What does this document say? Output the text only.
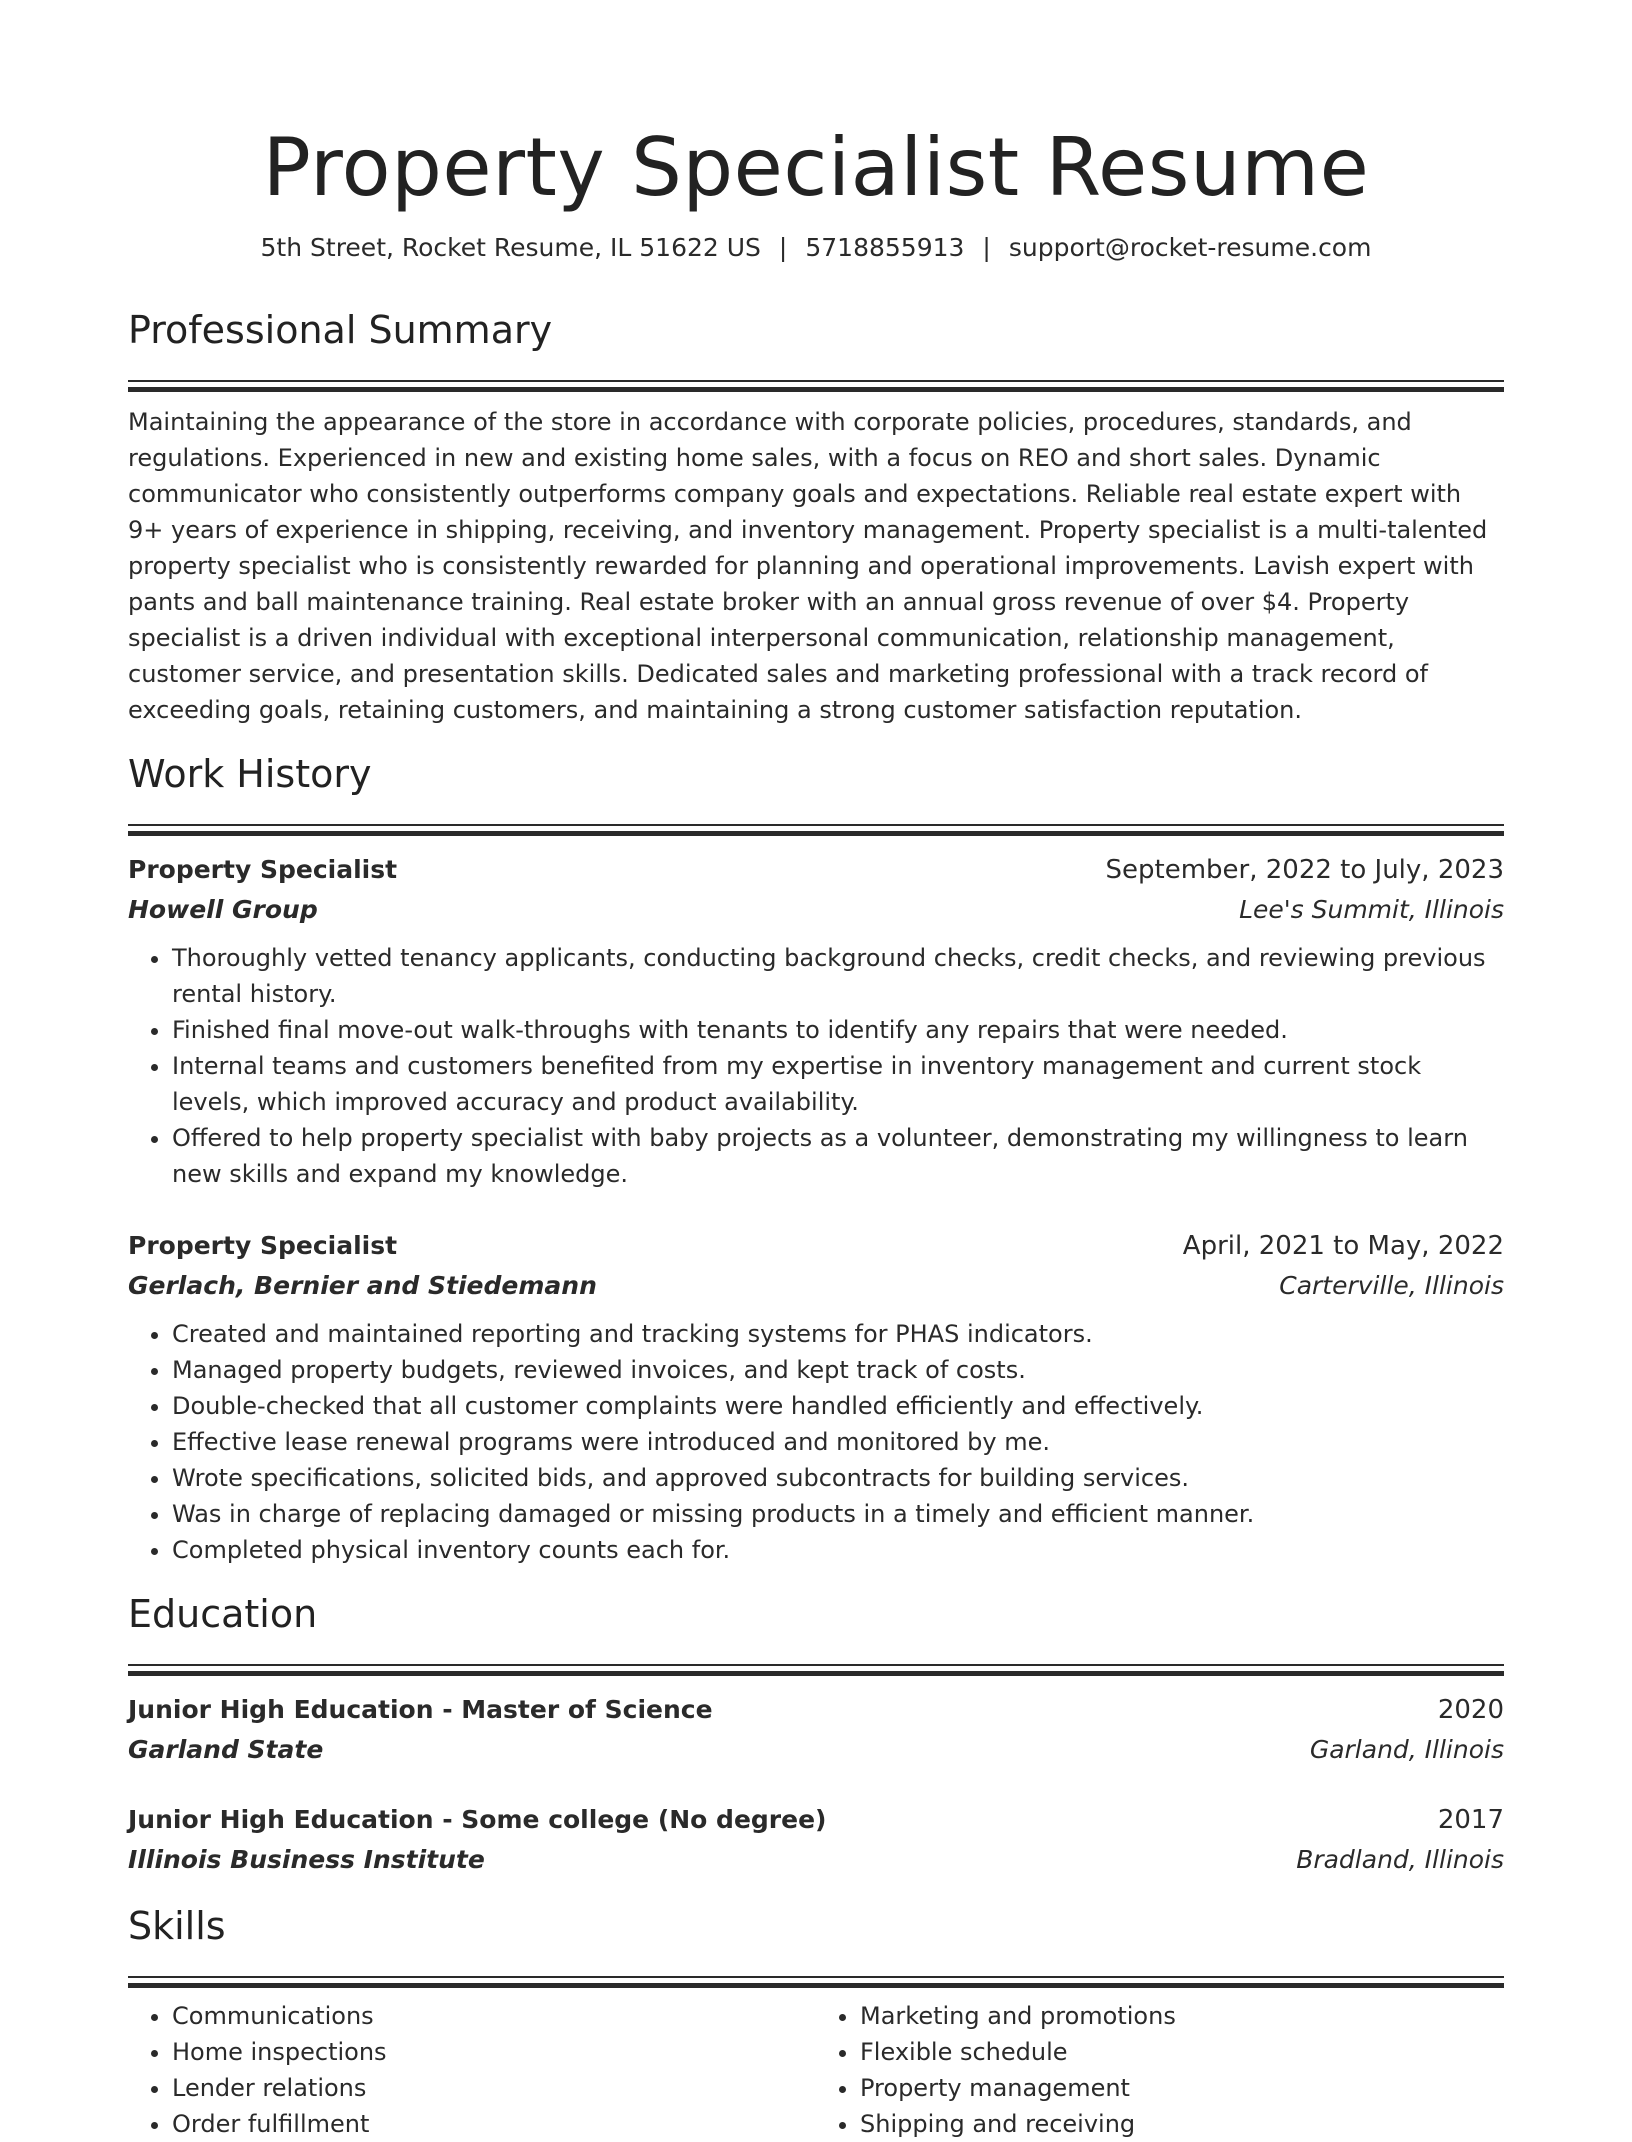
Property Specialist Resume
5th Street, Rocket Resume, IL 51622 US | 5718855913 | support@rocket-resume.com
Professional Summary

Maintaining the appearance of the store in accordance with corporate policies, procedures, standards, and regulations. Experienced in new and existing home sales, with a focus on REO and short sales. Dynamic communicator who consistently outperforms company goals and expectations. Reliable real estate expert with 9+ years of experience in shipping, receiving, and inventory management. Property specialist is a multi-talented property specialist who is consistently rewarded for planning and operational improvements. Lavish expert with pants and ball maintenance training. Real estate broker with an annual gross revenue of over $4. Property specialist is a driven individual with exceptional interpersonal communication, relationship management, customer service, and presentation skills. Dedicated sales and marketing professional with a track record of exceeding goals, retaining customers, and maintaining a strong customer satisfaction reputation.

Work History
Property Specialist	September, 2022 to July, 2023
Howell Group	Lee's Summit, Illinois
• Thoroughly vetted tenancy applicants, conducting background checks, credit checks, and reviewing previous rental history.
• Finished final move-out walk-throughs with tenants to identify any repairs that were needed.
• Internal teams and customers benefited from my expertise in inventory management and current stock levels, which improved accuracy and product availability.
• Offered to help property specialist with baby projects as a volunteer, demonstrating my willingness to learn new skills and expand my knowledge.
Property Specialist	April, 2021 to May, 2022
Gerlach, Bernier and Stiedemann	Carterville, Illinois
• Created and maintained reporting and tracking systems for PHAS indicators.
• Managed property budgets, reviewed invoices, and kept track of costs.
• Double-checked that all customer complaints were handled efficiently and effectively.
• Effective lease renewal programs were introduced and monitored by me.
• Wrote specifications, solicited bids, and approved subcontracts for building services.
• Was in charge of replacing damaged or missing products in a timely and efficient manner.
• Completed physical inventory counts each for.
Education
Junior High Education - Master of Science	2020
Garland State	Garland, Illinois
Junior High Education - Some college (No degree)	2017
Illinois Business Institute	Bradland, Illinois
Skills
• Communications
• Home inspections
• Lender relations
• Order fulfillment
• Marketing and promotions
• Flexible schedule
• Property management
• Shipping and receiving
